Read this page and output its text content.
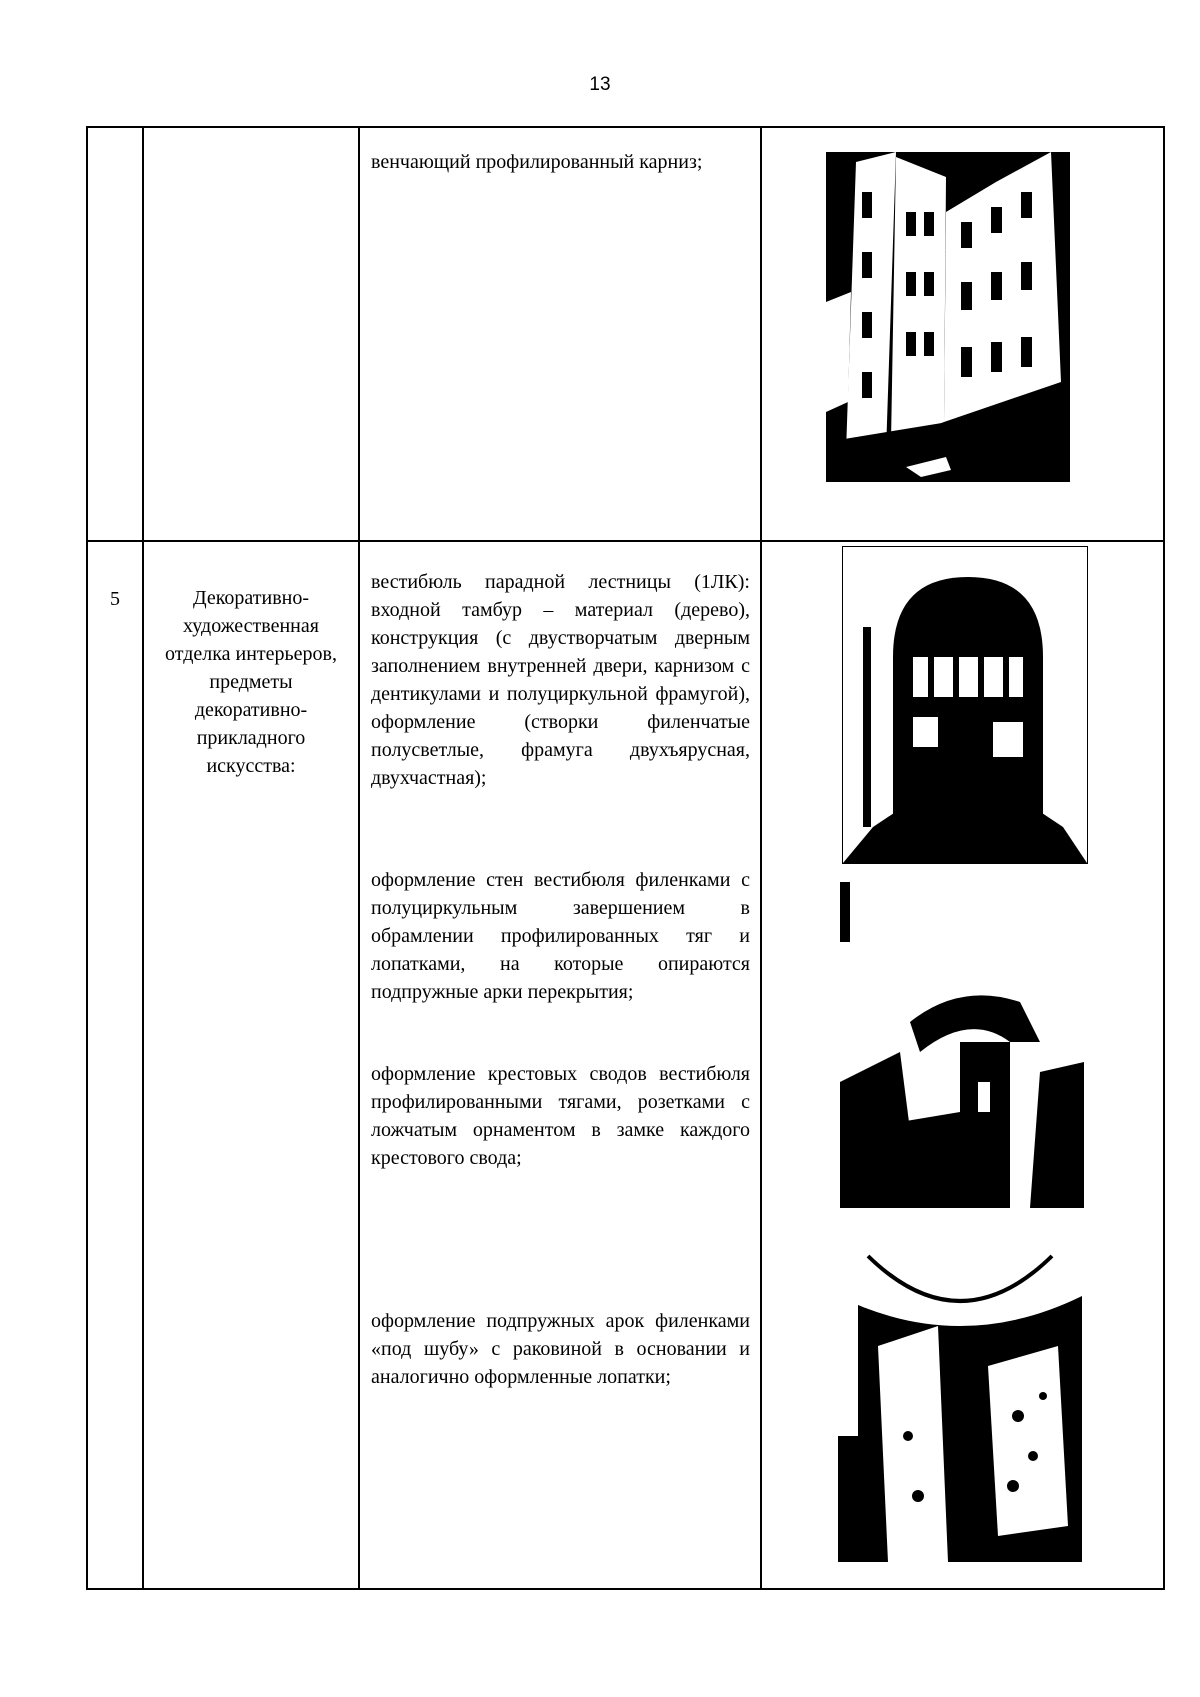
13

		венчающий профилированный карниз;

5	Декоративно-художественная отделка интерьеров, предметы декоративно-прикладного искусства:	вестибюль парадной лестницы (1ЛК): входной тамбур – материал (дерево), конструкция (с двустворчатым дверным заполнением внутренней двери, карнизом с дентикулами и полуциркульной фрамугой), оформление (створки филенчатые полусветлые, фрамуга двухъярусная, двухчастная);
оформление стен вестибюля филенками с полуциркульным завершением в обрамлении профилированных тяг и лопатками, на которые опираются подпружные арки перекрытия;
оформление крестовых сводов вестибюля профилированными тягами, розетками с ложчатым орнаментом в замке каждого крестового свода;
оформление подпружных арок филенками «под шубу» с раковиной в основании и аналогично оформленные лопатки;
